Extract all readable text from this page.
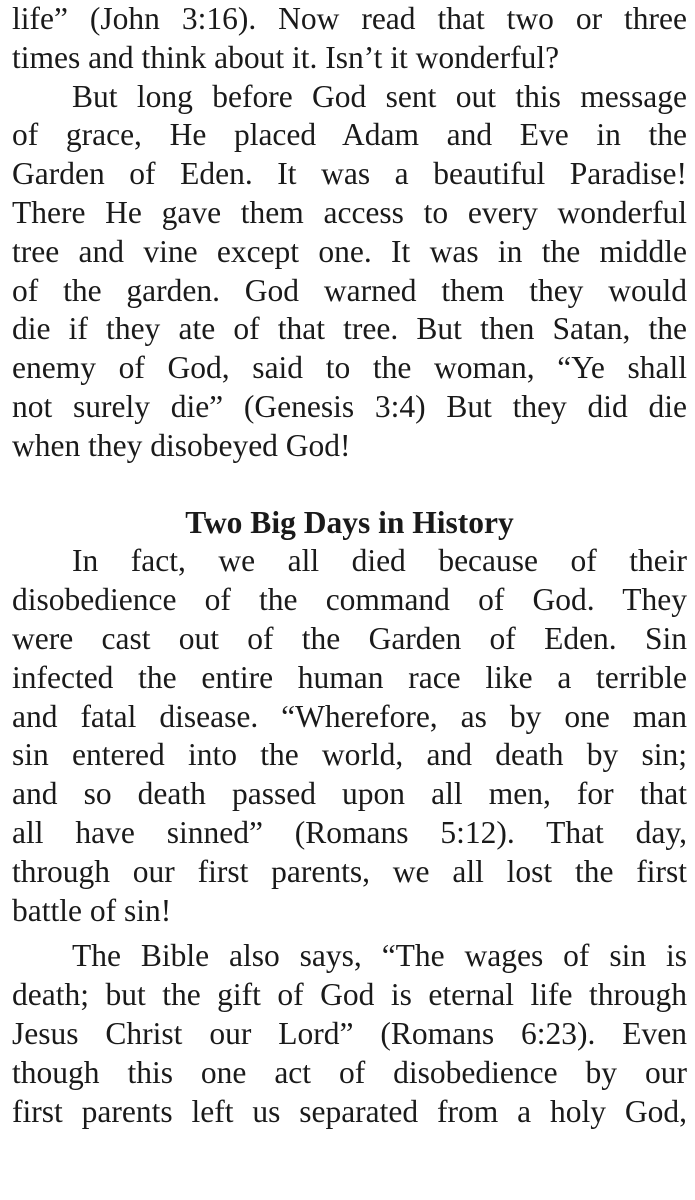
life” (John 3:16). Now read that two or three
times and think about it. Isn’t it wonderful?
But long before God sent out this message
of grace, He placed Adam and Eve in the
Garden of Eden. It was a beautiful Paradise!
There He gave them access to every wonderful
tree and vine except one. It was in the middle
of the garden. God warned them they would
die if they ate of that tree. But then Satan, the
enemy of God, said to the woman, “Ye shall
not surely die” (Genesis 3:4) But they did die
when they disobeyed God!
Two Big Days in History
In fact, we all died because of their
disobedience of the command of God. They
were cast out of the Garden of Eden. Sin
infected the entire human race like a terrible
and fatal disease. “Wherefore, as by one man
sin entered into the world, and death by sin;
and so death passed upon all men, for that
all have sinned” (Romans 5:12). That day,
through our first parents, we all lost the first
battle of sin!
The Bible also says, “The wages of sin is
death; but the gift of God is eternal life through
Jesus Christ our Lord” (Romans 6:23). Even
though this one act of disobedience by our
first parents left us separated from a holy God,
